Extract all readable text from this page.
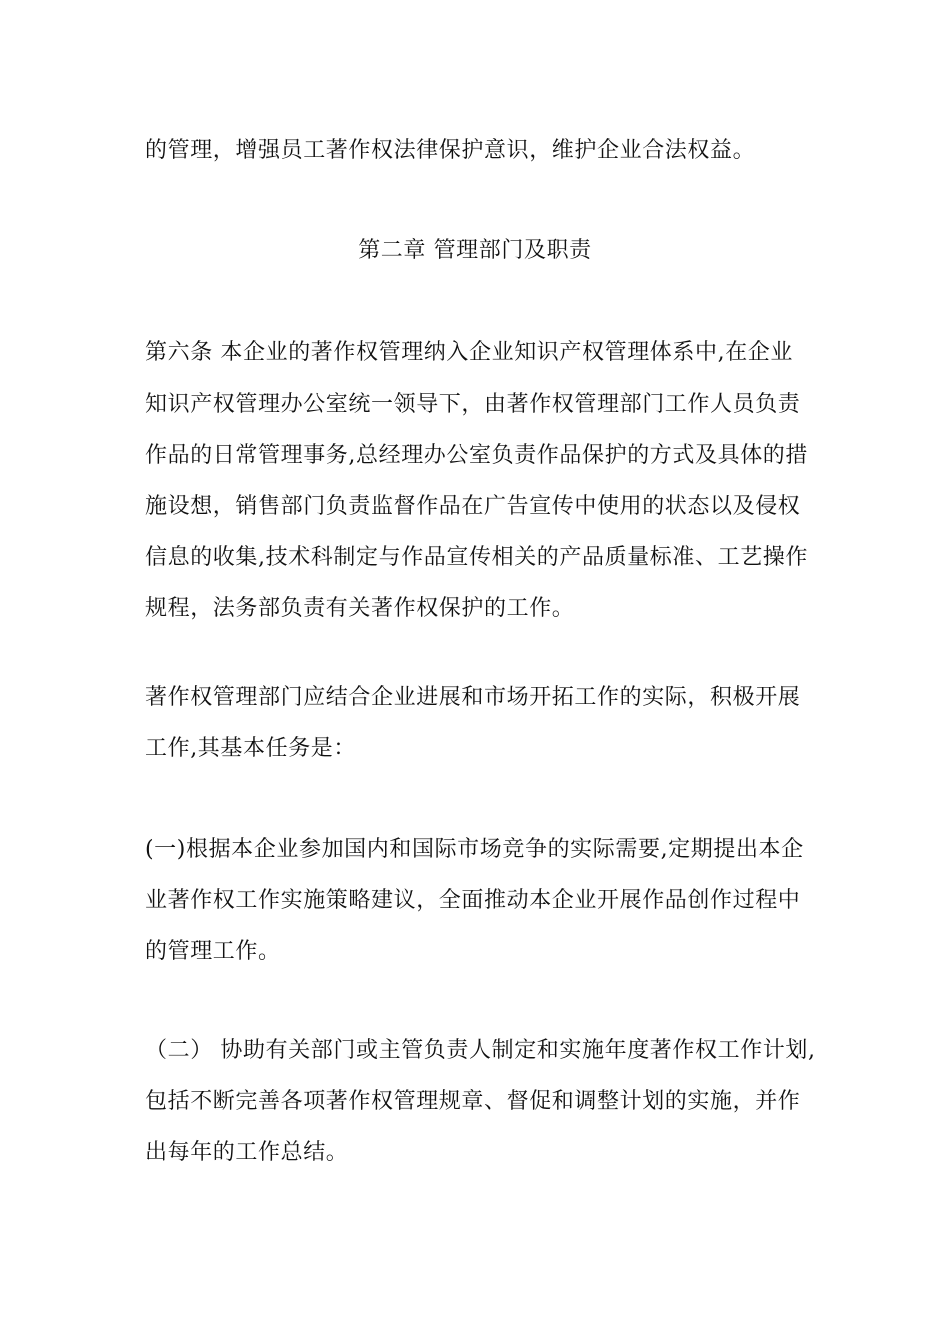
的管理，增强员工著作权法律保护意识，维护企业合法权益。
第二章 管理部门及职责
第六条 本企业的著作权管理纳入企业知识产权管理体系中,在企业
知识产权管理办公室统一领导下，由著作权管理部门工作人员负责
作品的日常管理事务,总经理办公室负责作品保护的方式及具体的措
施设想，销售部门负责监督作品在广告宣传中使用的状态以及侵权
信息的收集,技术科制定与作品宣传相关的产品质量标准、工艺操作
规程，法务部负责有关著作权保护的工作。
著作权管理部门应结合企业进展和市场开拓工作的实际，积极开展
工作,其基本任务是：
(一)根据本企业参加国内和国际市场竞争的实际需要,定期提出本企
业著作权工作实施策略建议，全面推动本企业开展作品创作过程中
的管理工作。
（二） 协助有关部门或主管负责人制定和实施年度著作权工作计划,
包括不断完善各项著作权管理规章、督促和调整计划的实施，并作
出每年的工作总结。
